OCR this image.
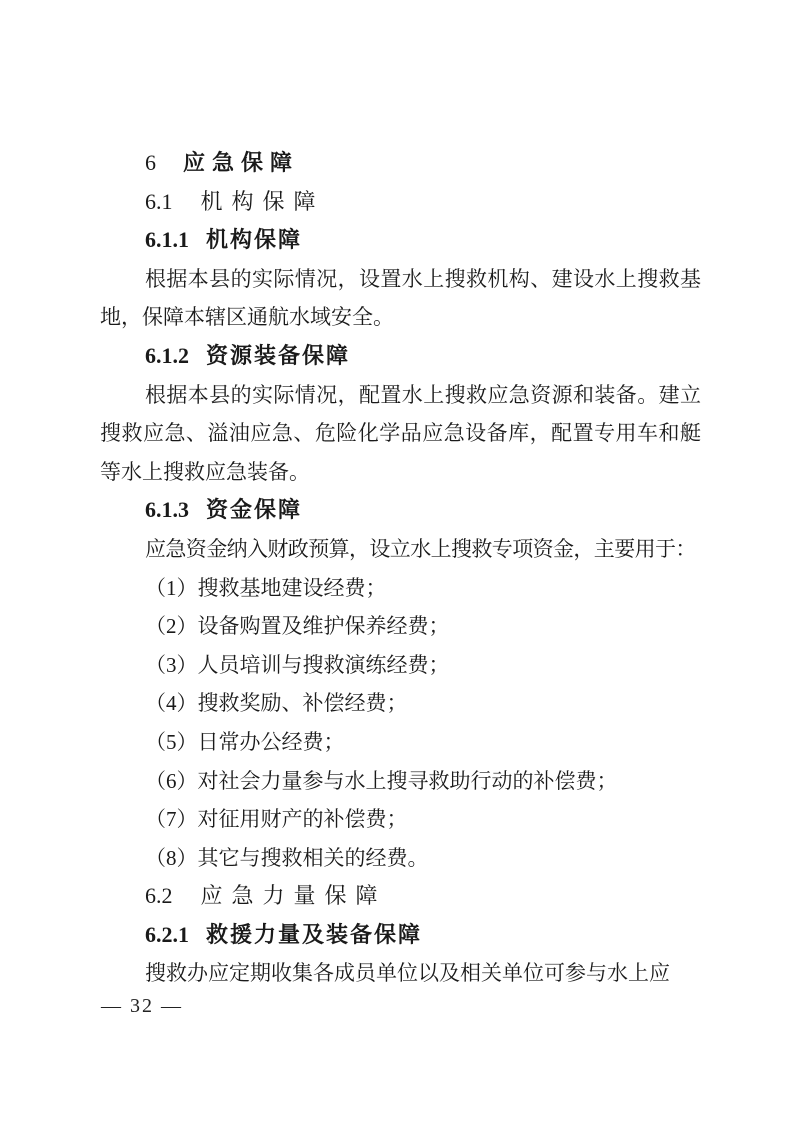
6 应急保障
6.1 机构保障
6.1.1 机构保障
根据本县的实际情况，设置水上搜救机构、建设水上搜救基地，保障本辖区通航水域安全。
6.1.2 资源装备保障
根据本县的实际情况，配置水上搜救应急资源和装备。建立搜救应急、溢油应急、危险化学品应急设备库，配置专用车和艇等水上搜救应急装备。
6.1.3 资金保障
应急资金纳入财政预算，设立水上搜救专项资金，主要用于：
（1）搜救基地建设经费；
（2）设备购置及维护保养经费；
（3）人员培训与搜救演练经费；
（4）搜救奖励、补偿经费；
（5）日常办公经费；
（6）对社会力量参与水上搜寻救助行动的补偿费；
（7）对征用财产的补偿费；
（8）其它与搜救相关的经费。
6.2 应急力量保障
6.2.1 救援力量及装备保障
搜救办应定期收集各成员单位以及相关单位可参与水上应
— 32 —
